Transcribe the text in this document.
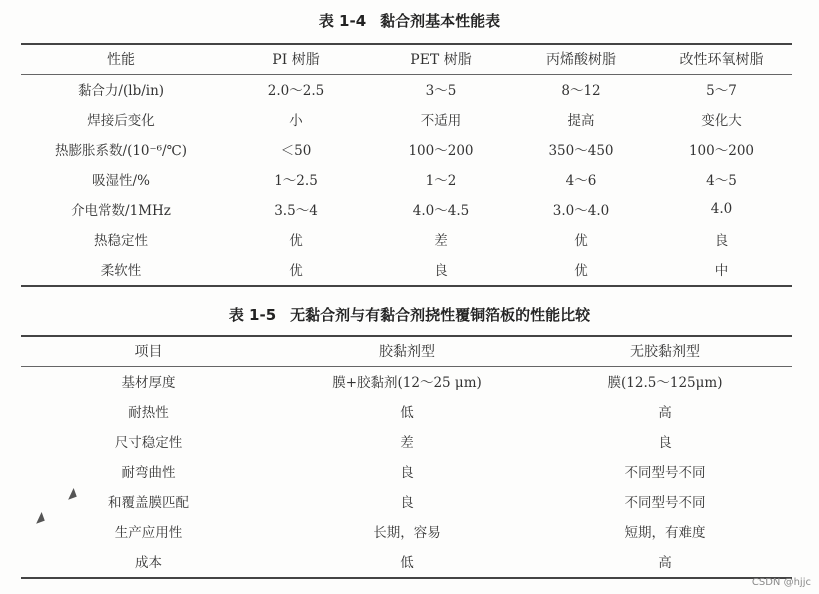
表 1-4 黏合剂基本性能表
性能	PI 树脂	PET 树脂	丙烯酸树脂	改性环氧树脂
黏合力/(lb/in)	2.0～2.5	3～5	8～12	5～7
焊接后变化	小	不适用	提高	变化大
热膨胀系数/(10⁻⁶/℃)	＜50	100～200	350～450	100～200
吸湿性/%	1～2.5	1～2	4～6	4～5
介电常数/1MHz	3.5～4	4.0～4.5	3.0～4.0	4.0
热稳定性	优	差	优	良
柔软性	优	良	优	中
表 1-5 无黏合剂与有黏合剂挠性覆铜箔板的性能比较
项目	胶黏剂型	无胶黏剂型
基材厚度	膜+胶黏剂(12～25 μm)	膜(12.5～125μm)
耐热性	低	高
尺寸稳定性	差	良
耐弯曲性	良	不同型号不同
和覆盖膜匹配	良	不同型号不同
生产应用性	长期，容易	短期，有难度
成本	低	高
◢
◢
CSDN @hjjc
